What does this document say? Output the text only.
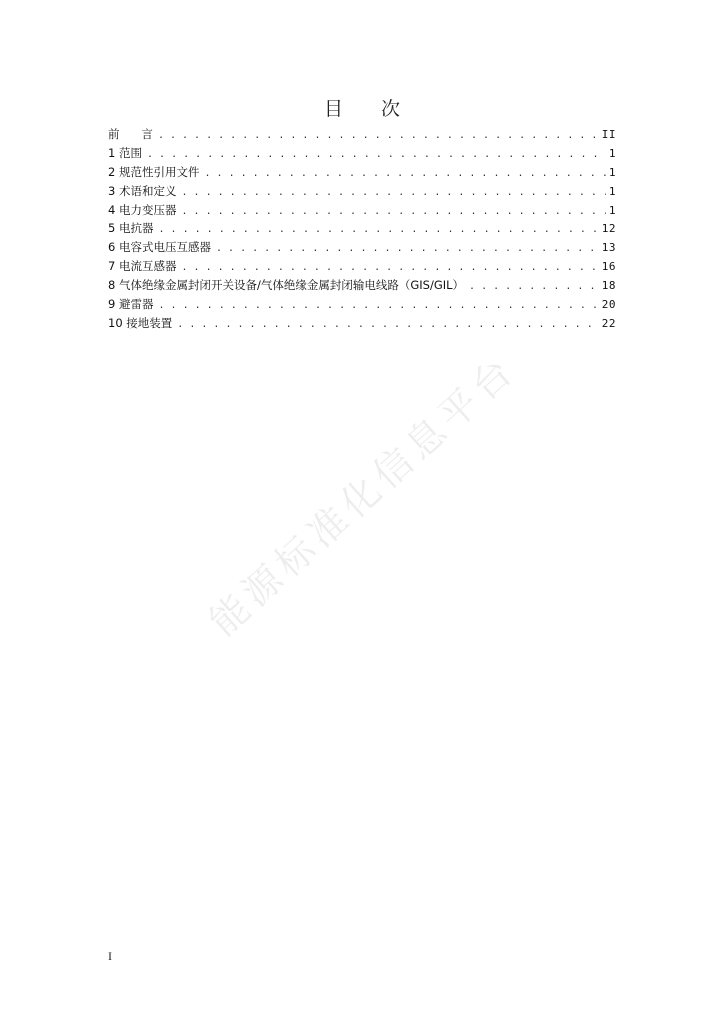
目 次
前      言 . . .	II
1 范围 . . .	1
2 规范性引用文件 . . .	1
3 术语和定义 . . .	1
4 电力变压器 . . .	1
5 电抗器 . . .	12
6 电容式电压互感器 . . .	13
7 电流互感器 . . .	16
8 气体绝缘金属封闭开关设备/气体绝缘金属封闭输电线路（GIS/GIL） . . .	18
9 避雷器 . . .	20
10 接地装置 . . .	22
能源标准化信息平台
I
